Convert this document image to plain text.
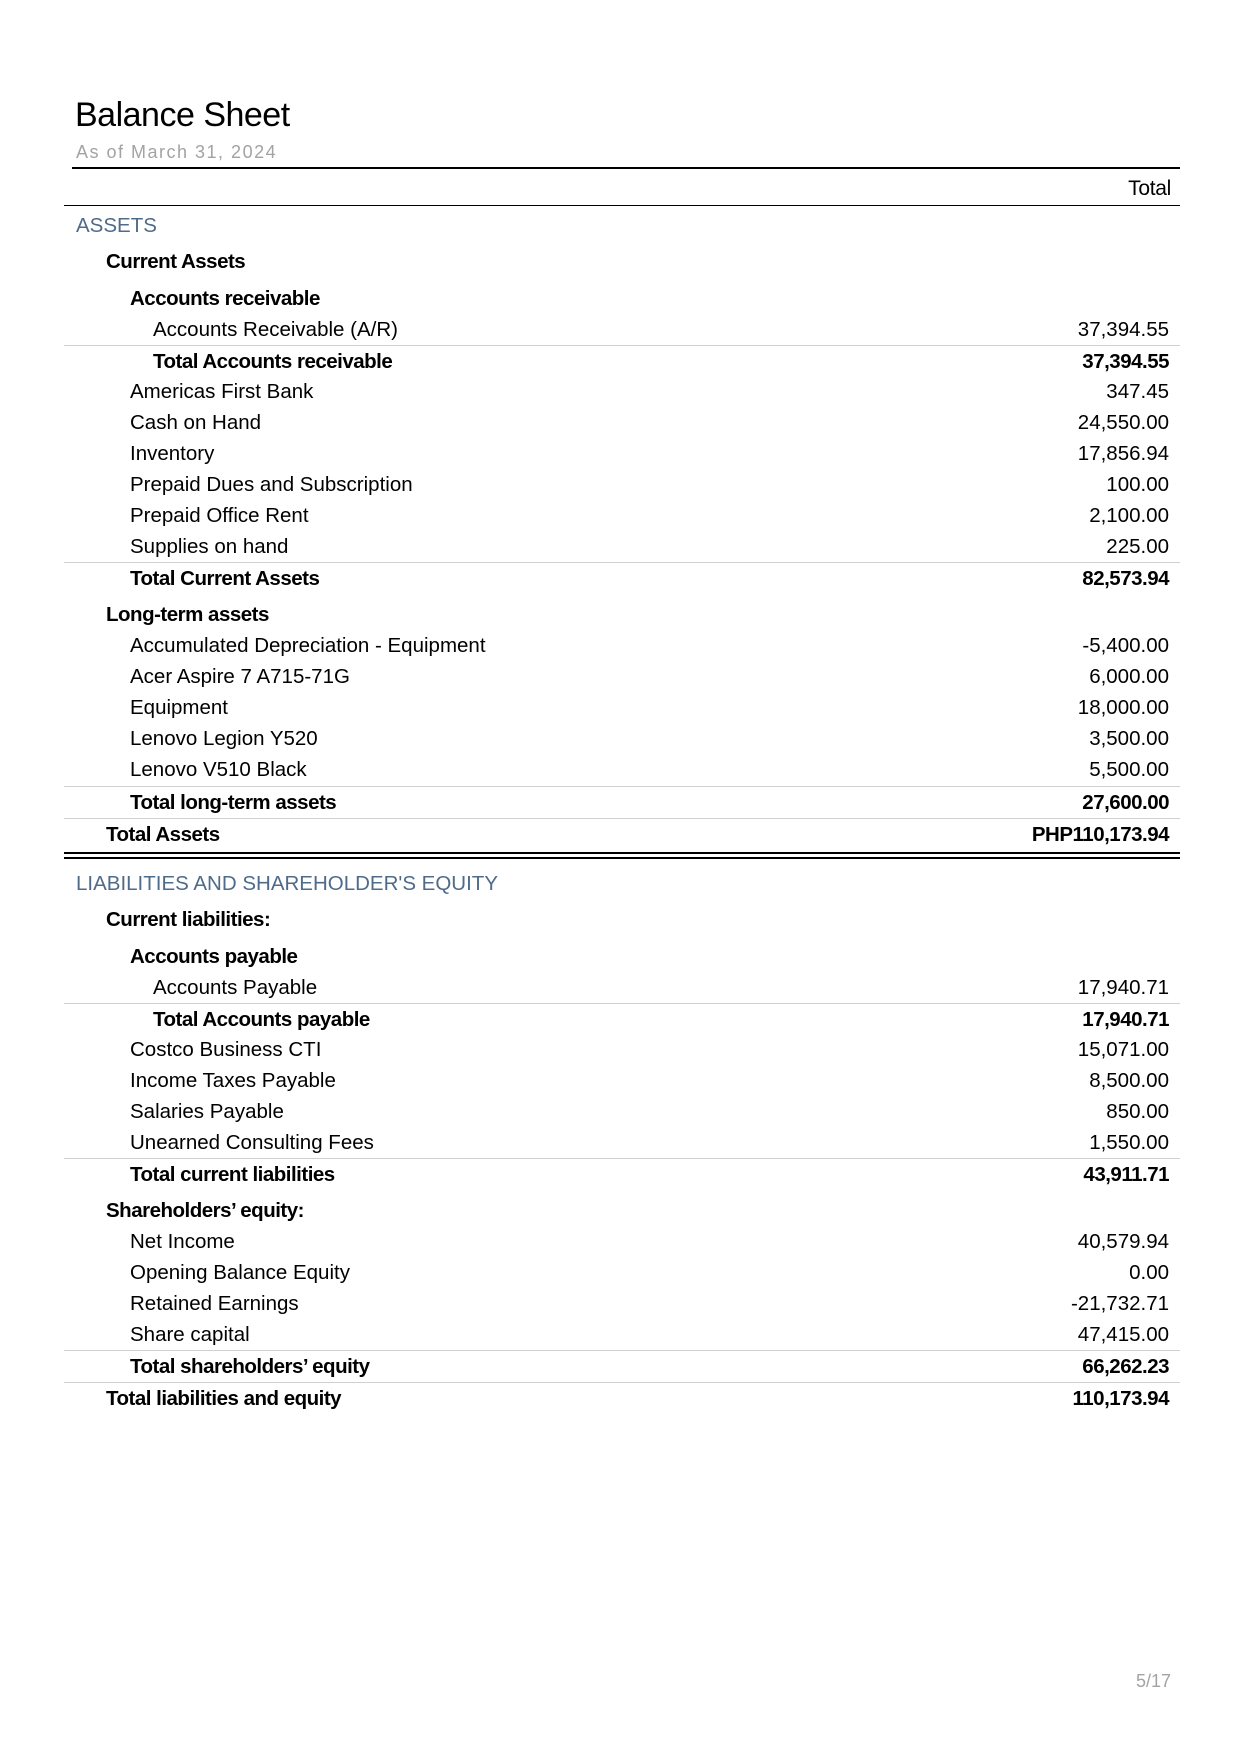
Balance Sheet
As of March 31, 2024
Total
ASSETS
Current Assets
Accounts receivable
Accounts Receivable (A/R)	37,394.55
Total Accounts receivable	37,394.55
Americas First Bank	347.45
Cash on Hand	24,550.00
Inventory	17,856.94
Prepaid Dues and Subscription	100.00
Prepaid Office Rent	2,100.00
Supplies on hand	225.00
Total Current Assets	82,573.94
Long-term assets
Accumulated Depreciation - Equipment	-5,400.00
Acer Aspire 7 A715-71G	6,000.00
Equipment	18,000.00
Lenovo Legion Y520	3,500.00
Lenovo V510 Black	5,500.00
Total long-term assets	27,600.00
Total Assets	PHP110,173.94
LIABILITIES AND SHAREHOLDER'S EQUITY
Current liabilities:
Accounts payable
Accounts Payable	17,940.71
Total Accounts payable	17,940.71
Costco Business CTI	15,071.00
Income Taxes Payable	8,500.00
Salaries Payable	850.00
Unearned Consulting Fees	1,550.00
Total current liabilities	43,911.71
Shareholders’ equity:
Net Income	40,579.94
Opening Balance Equity	0.00
Retained Earnings	-21,732.71
Share capital	47,415.00
Total shareholders’ equity	66,262.23
Total liabilities and equity	110,173.94
5/17
